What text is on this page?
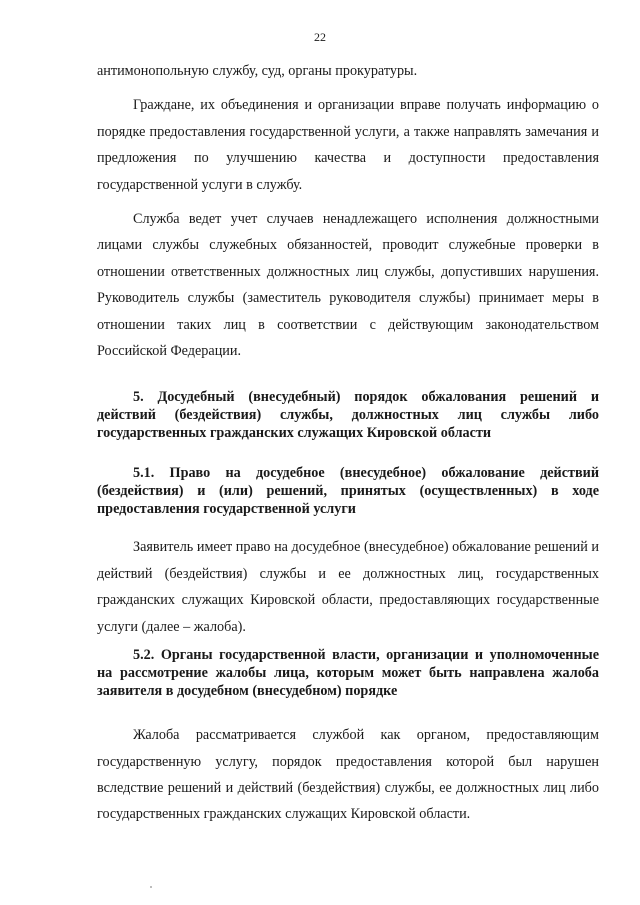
22

антимонопольную службу, суд, органы прокуратуры.

Граждане, их объединения и организации вправе получать информацию о порядке предоставления государственной услуги, а также направлять замечания и предложения по улучшению качества и доступности предоставления государственной услуги в службу.

Служба ведет учет случаев ненадлежащего исполнения должностными лицами службы служебных обязанностей, проводит служебные проверки в отношении ответственных должностных лиц службы, допустивших нарушения. Руководитель службы (заместитель руководителя службы) принимает меры в отношении таких лиц в соответствии с действующим законодательством Российской Федерации.

5. Досудебный (внесудебный) порядок обжалования решений и действий (бездействия) службы, должностных лиц службы либо государственных гражданских служащих Кировской области

5.1. Право на досудебное (внесудебное) обжалование действий (бездействия) и (или) решений, принятых (осуществленных) в ходе предоставления государственной услуги

Заявитель имеет право на досудебное (внесудебное) обжалование решений и действий (бездействия) службы и ее должностных лиц, государственных гражданских служащих Кировской области, предоставляющих государственные услуги (далее – жалоба).

5.2. Органы государственной власти, организации и уполномоченные на рассмотрение жалобы лица, которым может быть направлена жалоба заявителя в досудебном (внесудебном) порядке

Жалоба рассматривается службой как органом, предоставляющим государственную услугу, порядок предоставления которой был нарушен вследствие решений и действий (бездействия) службы, ее должностных лиц либо государственных гражданских служащих Кировской области.
